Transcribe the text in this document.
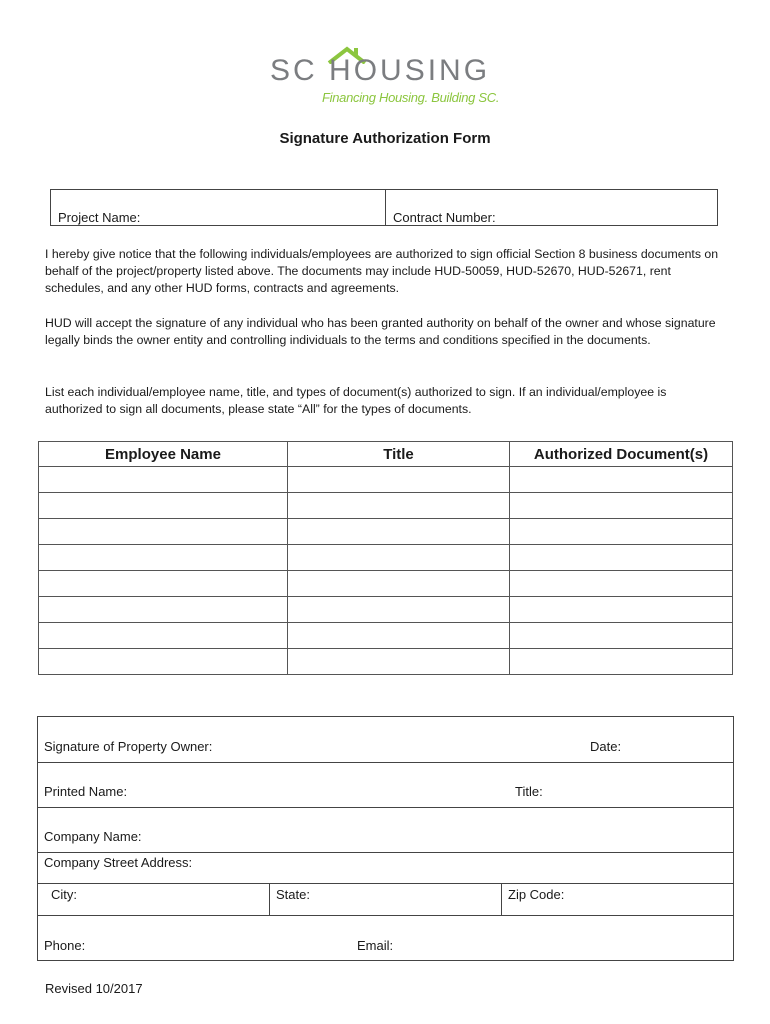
SC HOUSING
Financing Housing. Building SC.
Signature Authorization Form
Project Name:	Contract Number:
I hereby give notice that the following individuals/employees are authorized to sign official Section 8 business documents on behalf of the project/property listed above. The documents may include HUD-50059, HUD-52670, HUD-52671, rent schedules, and any other HUD forms, contracts and agreements.
HUD will accept the signature of any individual who has been granted authority on behalf of the owner and whose signature legally binds the owner entity and controlling individuals to the terms and conditions specified in the documents.
List each individual/employee name, title, and types of document(s) authorized to sign. If an individual/employee is authorized to sign all documents, please state “All” for the types of documents.
Employee Name	Title	Authorized Document(s)

Signature of Property Owner:	Date:
Printed Name:	Title:
Company Name:
Company Street Address:
City:	State:	Zip Code:
Phone:	Email:
Revised 10/2017
